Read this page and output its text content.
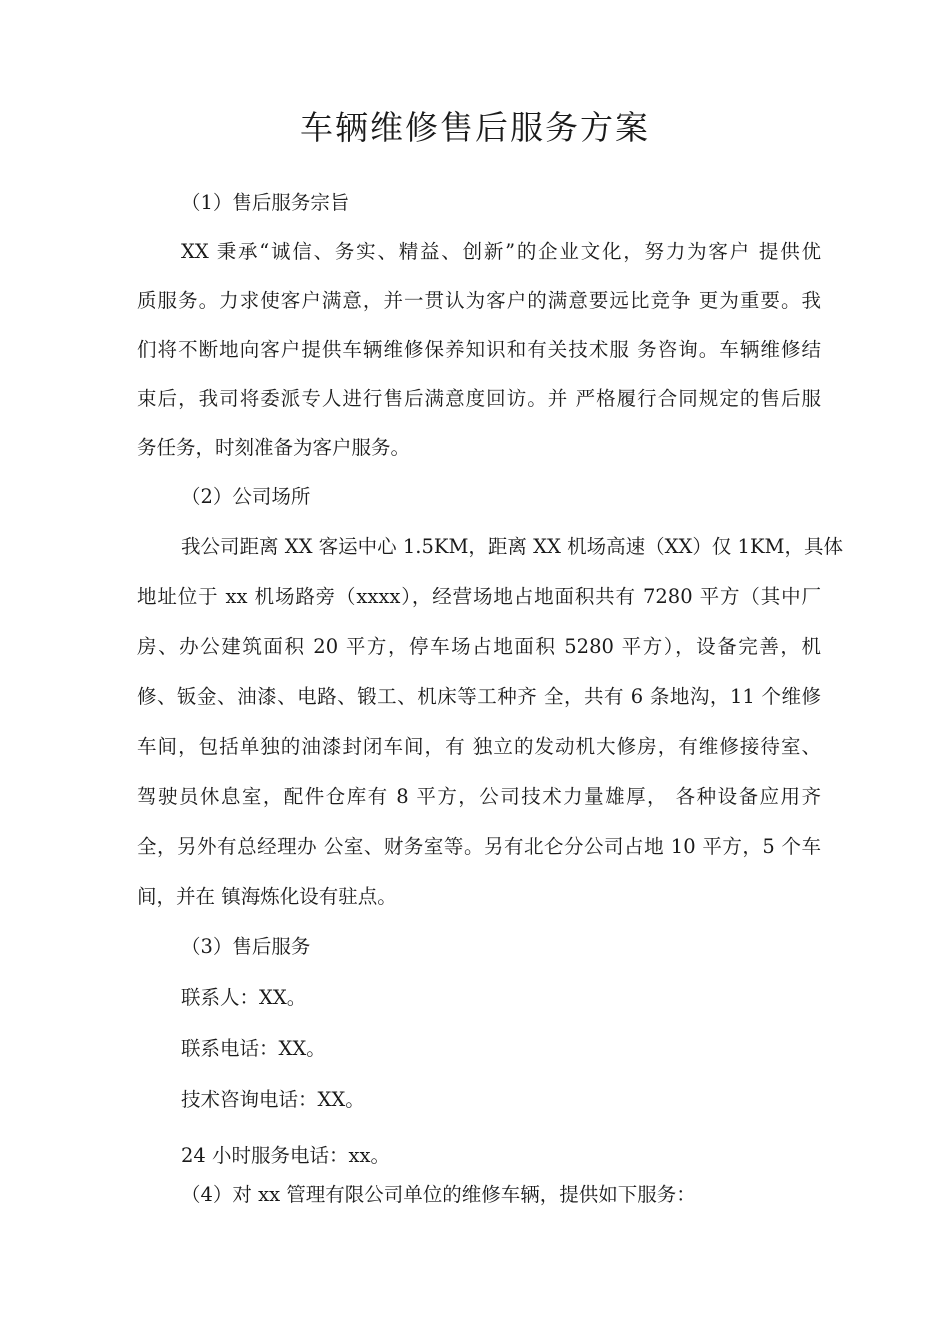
车辆维修售后服务方案
（1）售后服务宗旨
XX 秉承“诚信、务实、精益、创新”的企业文化，努力为客户 提供优
质服务。力求使客户满意，并一贯认为客户的满意要远比竞争 更为重要。我
们将不断地向客户提供车辆维修保养知识和有关技术服 务咨询。车辆维修结
束后，我司将委派专人进行售后满意度回访。并 严格履行合同规定的售后服
务任务，时刻准备为客户服务。
（2）公司场所
我公司距离 XX 客运中心 1.5KM，距离 XX 机场高速（XX）仅 1KM，具体
地址位于 xx 机场路旁（xxxx），经营场地占地面积共有 7280 平方（其中厂
房、办公建筑面积 20 平方，停车场占地面积 5280 平方），设备完善，机
修、钣金、油漆、电路、锻工、机床等工种齐 全，共有 6 条地沟，11 个维修
车间，包括单独的油漆封闭车间，有 独立的发动机大修房，有维修接待室、
驾驶员休息室，配件仓库有 8 平方，公司技术力量雄厚， 各种设备应用齐
全，另外有总经理办 公室、财务室等。另有北仑分公司占地 10 平方，5 个车
间，并在 镇海炼化设有驻点。
（3）售后服务
联系人：XX。
联系电话：XX。
技术咨询电话：XX。
24 小时服务电话：xx。
（4）对 xx 管理有限公司单位的维修车辆，提供如下服务：
